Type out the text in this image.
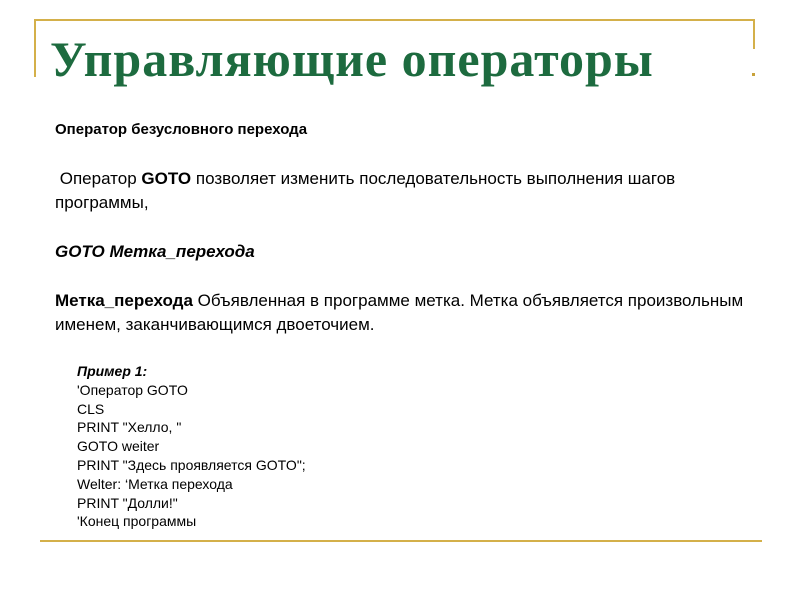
Управляющие операторы
Оператор безусловного перехода
Оператор GOTO позволяет изменить последовательность выполнения шагов программы,
GOTO Метка_перехода
Метка_перехода Объявленная в программе метка. Метка объявляется произвольным именем, заканчивающимся двоеточием.
Пример 1:
'Оператор GOTO
CLS
PRINT "Хелло, "
GOTO weiter
PRINT "Здесь проявляется GOTO";
Welter: ‘Метка перехода
PRINT "Долли!"
'Конец программы
